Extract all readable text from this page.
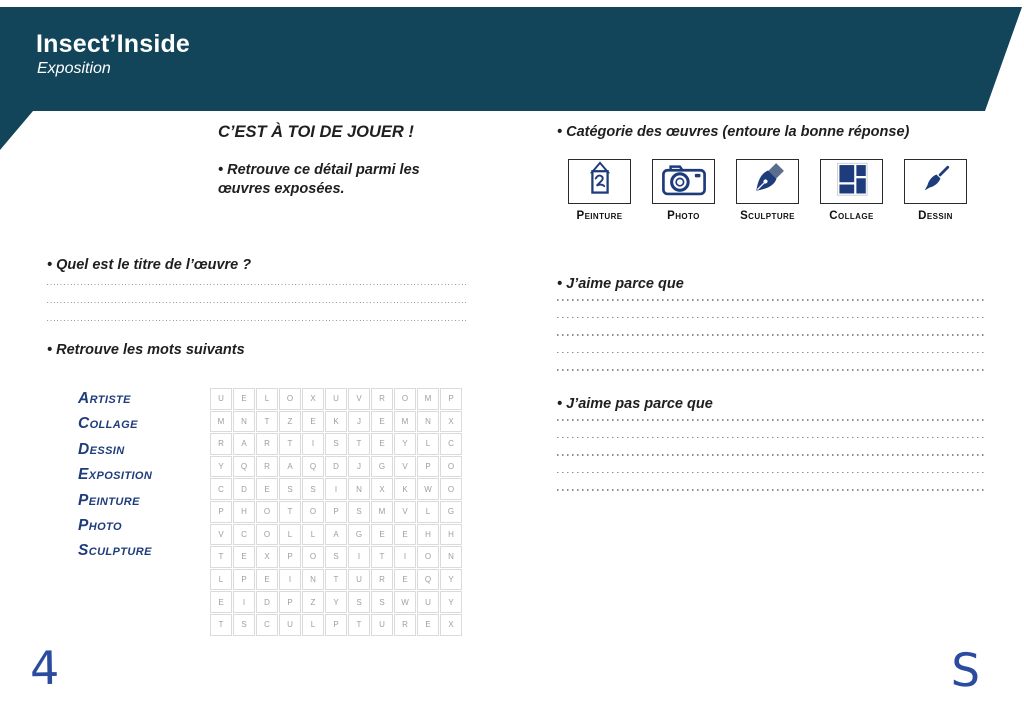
Insect’Inside
Exposition
C’EST À TOI DE JOUER !
• Retrouve ce détail parmi les œuvres exposées.
• Quel est le titre de l’œuvre ?
• Retrouve les mots suivants
Artiste
Collage
Dessin
Exposition
Peinture
Photo
Sculpture
U	E	L	O	X	U	V	R	O	M	P
M	N	T	Z	E	K	J	E	M	N	X
R	A	R	T	I	S	T	E	Y	L	C
Y	Q	R	A	Q	D	J	G	V	P	O
C	D	E	S	S	I	N	X	K	W	O
P	H	O	T	O	P	S	M	V	L	G
V	C	O	L	L	A	G	E	E	H	H
T	E	X	P	O	S	I	T	I	O	N
L	P	E	I	N	T	U	R	E	Q	Y
E	I	D	P	Z	Y	S	S	W	U	Y
T	S	C	U	L	P	T	U	R	E	X
• Catégorie des œuvres (entoure la bonne réponse)
Peinture	Photo	Sculpture	Collage	Dessin
• J’aime parce que
• J’aime pas parce que
4	S
